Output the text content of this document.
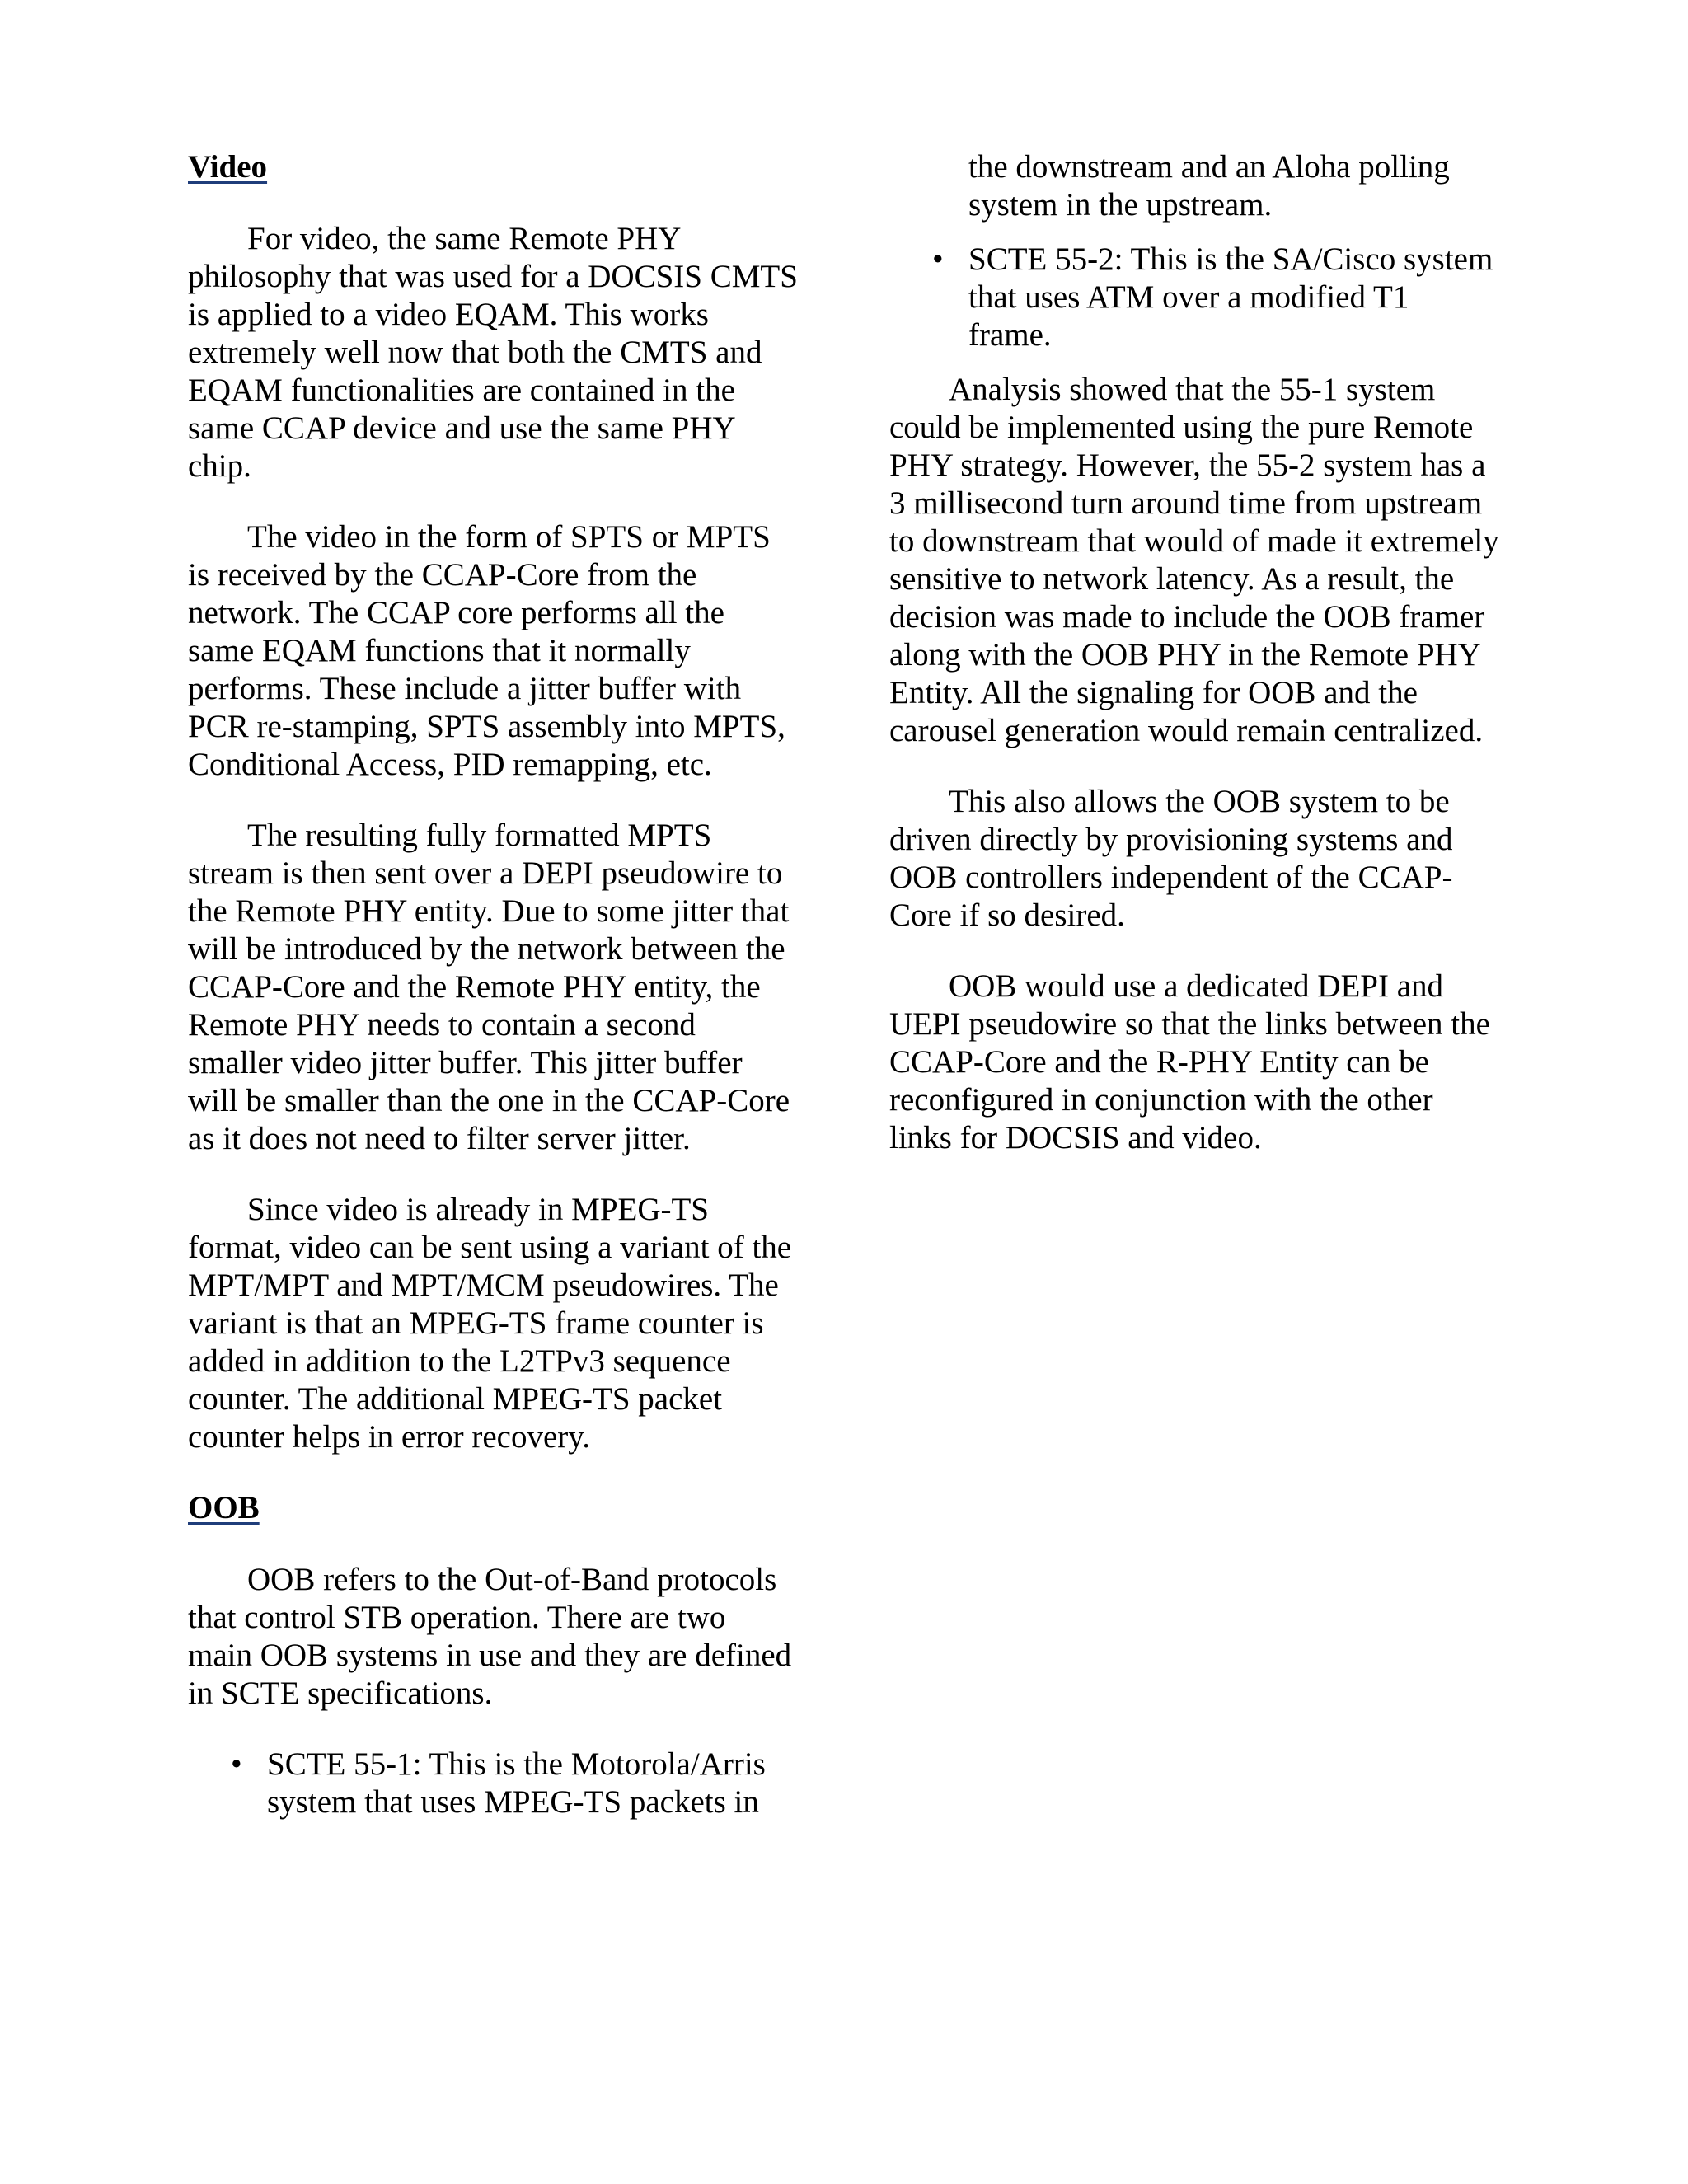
Video

For video, the same Remote PHY philosophy that was used for a DOCSIS CMTS is applied to a video EQAM. This works extremely well now that both the CMTS and EQAM functionalities are contained in the same CCAP device and use the same PHY chip.

The video in the form of SPTS or MPTS is received by the CCAP-Core from the network. The CCAP core performs all the same EQAM functions that it normally performs. These include a jitter buffer with PCR re-stamping, SPTS assembly into MPTS, Conditional Access, PID remapping, etc.

The resulting fully formatted MPTS stream is then sent over a DEPI pseudowire to the Remote PHY entity. Due to some jitter that will be introduced by the network between the CCAP-Core and the Remote PHY entity, the Remote PHY needs to contain a second smaller video jitter buffer. This jitter buffer will be smaller than the one in the CCAP-Core as it does not need to filter server jitter.

Since video is already in MPEG-TS format, video can be sent using a variant of the MPT/MPT and MPT/MCM pseudowires. The variant is that an MPEG-TS frame counter is added in addition to the L2TPv3 sequence counter. The additional MPEG-TS packet counter helps in error recovery.

OOB

OOB refers to the Out-of-Band protocols that control STB operation. There are two main OOB systems in use and they are defined in SCTE specifications.

• SCTE 55-1: This is the Motorola/Arris system that uses MPEG-TS packets in
the downstream and an Aloha polling system in the upstream.
• SCTE 55-2: This is the SA/Cisco system that uses ATM over a modified T1 frame.

Analysis showed that the 55-1 system could be implemented using the pure Remote PHY strategy. However, the 55-2 system has a 3 millisecond turn around time from upstream to downstream that would of made it extremely sensitive to network latency. As a result, the decision was made to include the OOB framer along with the OOB PHY in the Remote PHY Entity. All the signaling for OOB and the carousel generation would remain centralized.

This also allows the OOB system to be driven directly by provisioning systems and OOB controllers independent of the CCAP-Core if so desired.

OOB would use a dedicated DEPI and UEPI pseudowire so that the links between the CCAP-Core and the R-PHY Entity can be reconfigured in conjunction with the other links for DOCSIS and video.
